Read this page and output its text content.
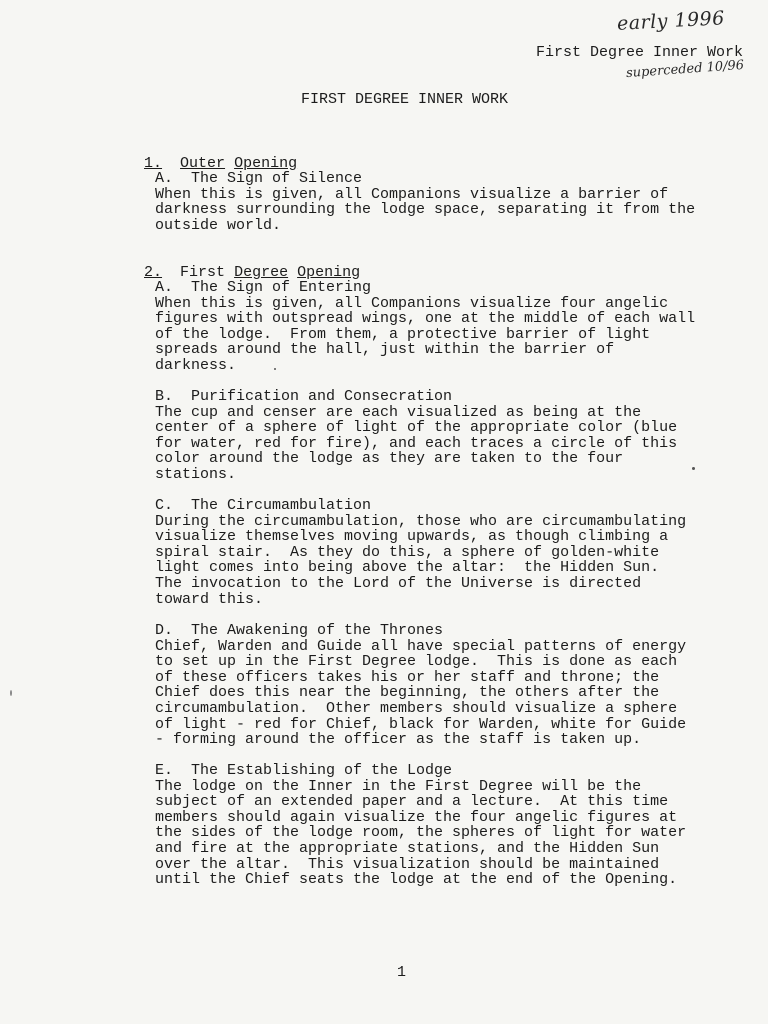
early 1996
First Degree Inner Work
superceded 10/96
FIRST DEGREE INNER WORK

1. Outer Opening

A.  The Sign of Silence
When this is given, all Companions visualize a barrier of
darkness surrounding the lodge space, separating it from the
outside world.

2. First Degree Opening

A.  The Sign of Entering
When this is given, all Companions visualize four angelic
figures with outspread wings, one at the middle of each wall
of the lodge.  From them, a protective barrier of light
spreads around the hall, just within the barrier of
darkness.
B.  Purification and Consecration
The cup and censer are each visualized as being at the
center of a sphere of light of the appropriate color (blue
for water, red for fire), and each traces a circle of this
color around the lodge as they are taken to the four
stations.
C.  The Circumambulation
During the circumambulation, those who are circumambulating
visualize themselves moving upwards, as though climbing a
spiral stair.  As they do this, a sphere of golden-white
light comes into being above the altar:  the Hidden Sun.
The invocation to the Lord of the Universe is directed
toward this.
D.  The Awakening of the Thrones
Chief, Warden and Guide all have special patterns of energy
to set up in the First Degree lodge.  This is done as each
of these officers takes his or her staff and throne; the
Chief does this near the beginning, the others after the
circumambulation.  Other members should visualize a sphere
of light - red for Chief, black for Warden, white for Guide
- forming around the officer as the staff is taken up.
E.  The Establishing of the Lodge
The lodge on the Inner in the First Degree will be the
subject of an extended paper and a lecture.  At this time
members should again visualize the four angelic figures at
the sides of the lodge room, the spheres of light for water
and fire at the appropriate stations, and the Hidden Sun
over the altar.  This visualization should be maintained
until the Chief seats the lodge at the end of the Opening.
1
